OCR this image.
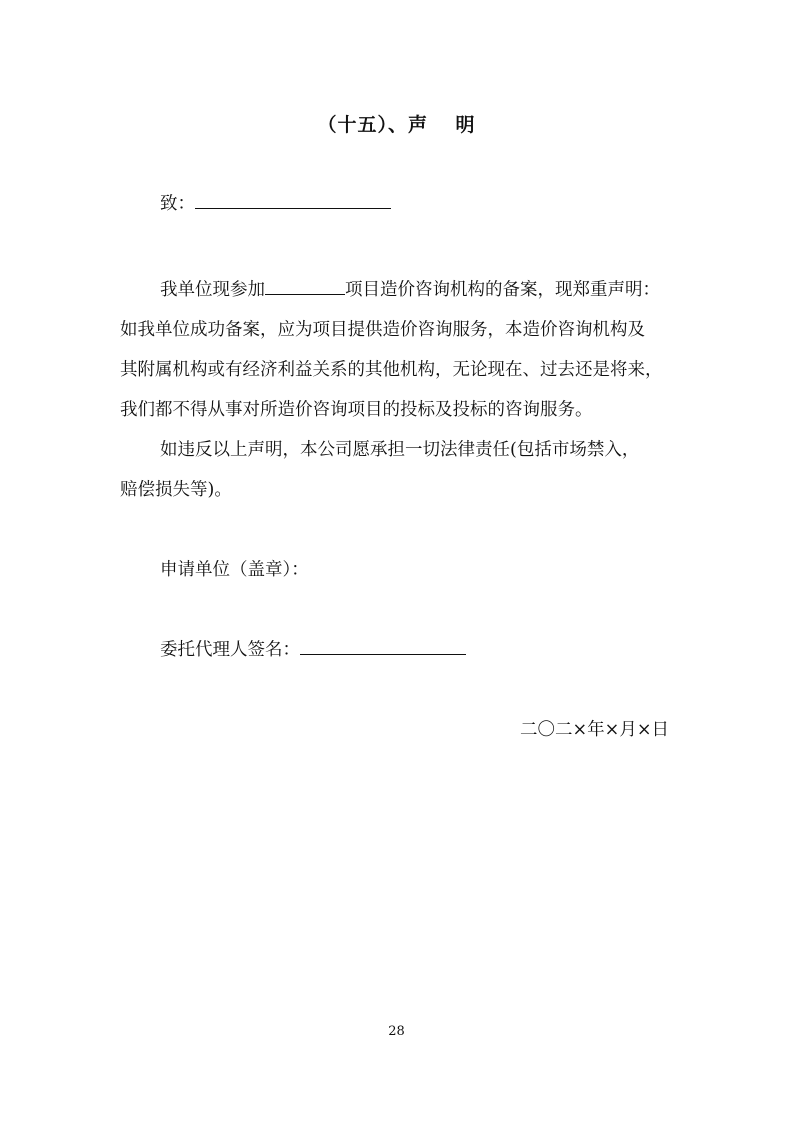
（十五）、声　 明
致：
我单位现参加	项目造价咨询机构的备案，现郑重声明：
如我单位成功备案，应为项目提供造价咨询服务，本造价咨询机构及
其附属机构或有经济利益关系的其他机构，无论现在、过去还是将来，
我们都不得从事对所造价咨询项目的投标及投标的咨询服务。
如违反以上声明，本公司愿承担一切法律责任(包括市场禁入，
赔偿损失等)。
申请单位（盖章）：
委托代理人签名：
二〇二×年×月×日
28
